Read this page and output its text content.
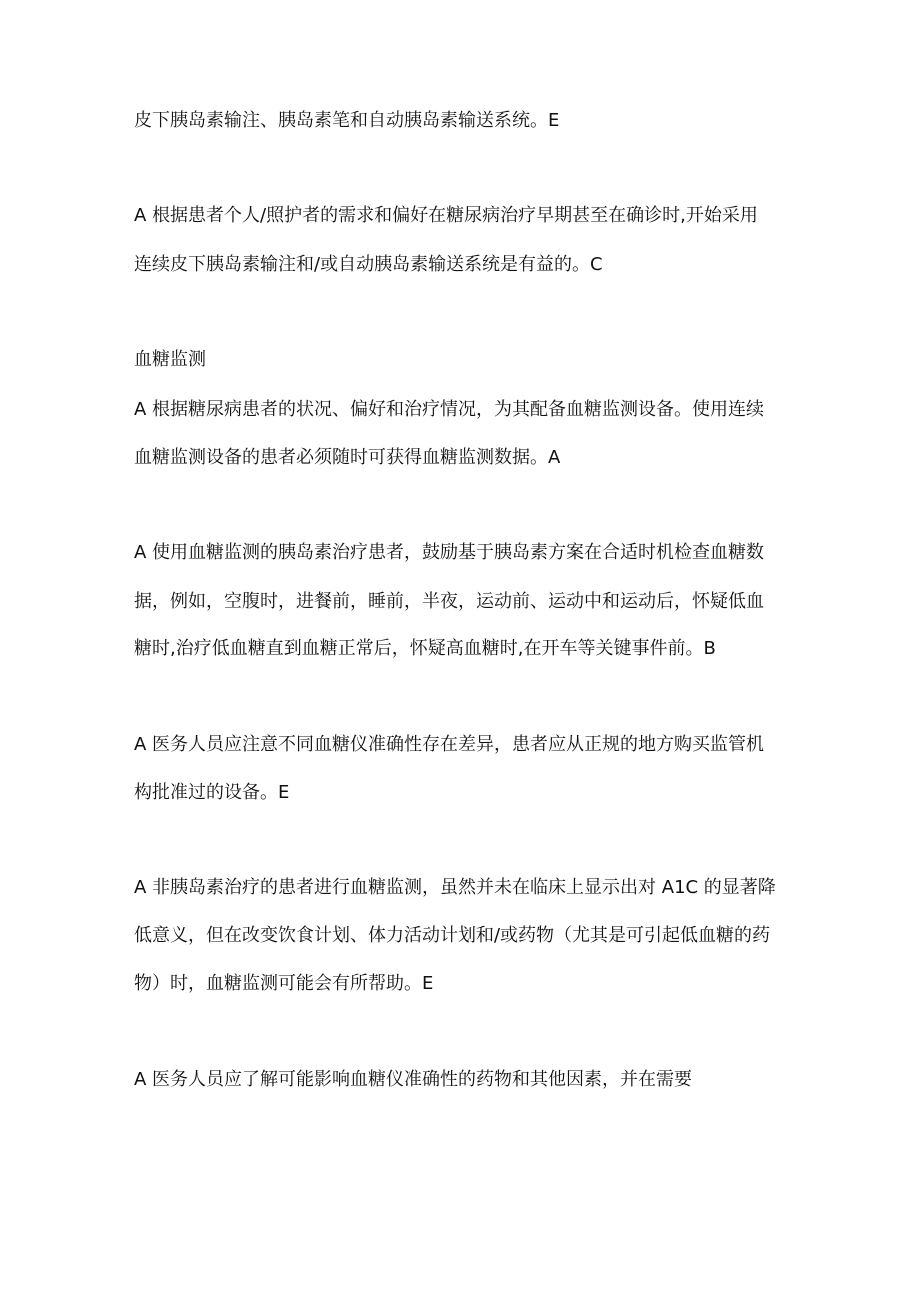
皮下胰岛素输注、胰岛素笔和自动胰岛素输送系统。E
A 根据患者个人/照护者的需求和偏好在糖尿病治疗早期甚至在确诊时,开始采用
连续皮下胰岛素输注和/或自动胰岛素输送系统是有益的。C
血糖监测
A 根据糖尿病患者的状况、偏好和治疗情况，为其配备血糖监测设备。使用连续
血糖监测设备的患者必须随时可获得血糖监测数据。A
A 使用血糖监测的胰岛素治疗患者，鼓励基于胰岛素方案在合适时机检查血糖数
据，例如，空腹时，进餐前，睡前，半夜，运动前、运动中和运动后，怀疑低血
糖时,治疗低血糖直到血糖正常后，怀疑高血糖时,在开车等关键事件前。B
A 医务人员应注意不同血糖仪准确性存在差异，患者应从正规的地方购买监管机
构批准过的设备。E
A 非胰岛素治疗的患者进行血糖监测，虽然并未在临床上显示出对 A1C 的显著降
低意义，但在改变饮食计划、体力活动计划和/或药物（尤其是可引起低血糖的药
物）时，血糖监测可能会有所帮助。E
A 医务人员应了解可能影响血糖仪准确性的药物和其他因素，并在需要
